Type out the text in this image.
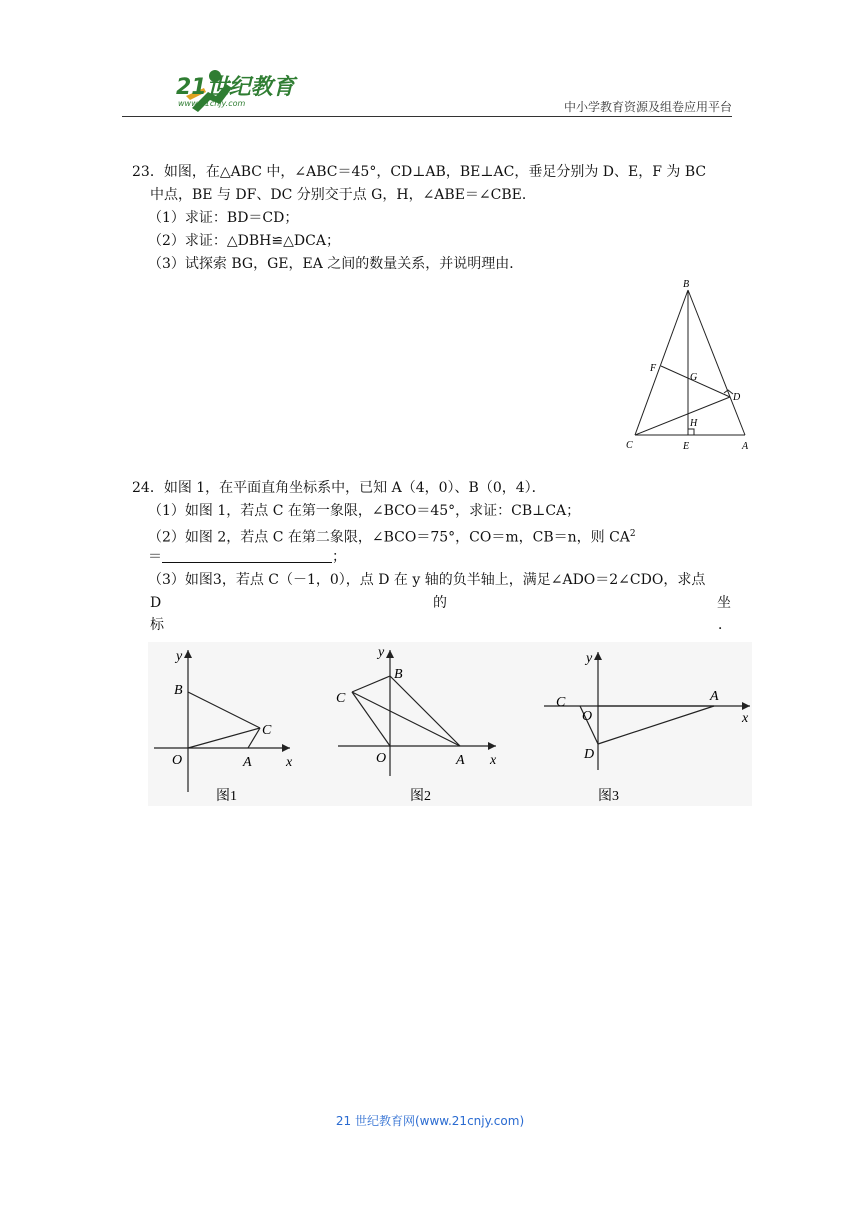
21世纪教育
www.21cnjy.com	中小学教育资源及组卷应用平台
23．如图，在△ABC 中，∠ABC＝45°，CD⊥AB，BE⊥AC，垂足分别为 D、E，F 为 BC
中点，BE 与 DF、DC 分别交于点 G，H，∠ABE＝∠CBE．
（1）求证：BD＝CD；
（2）求证：△DBH≌△DCA；
（3）试探索 BG，GE，EA 之间的数量关系，并说明理由．
B
F
G
D
H
C	E	A
24．如图 1，在平面直角坐标系中，已知 A（4，0）、B（0，4）．
（1）如图 1，若点 C 在第一象限，∠BCO＝45°，求证：CB⊥CA；
（2）如图 2，若点 C 在第二象限，∠BCO＝75°，CO＝m，CB＝n，则 $CA^2$
＝	；
（3）如图3，若点 C（－1，0），点 D 在 y 轴的负半轴上，满足∠ADO＝2∠CDO，求点
D	的	坐
标	．
y
x
B
C
O	A
图1
y
x
B
C
O	A
图2
y
x
C
O
A
D
图3
21 世纪教育网(www.21cnjy.com)
